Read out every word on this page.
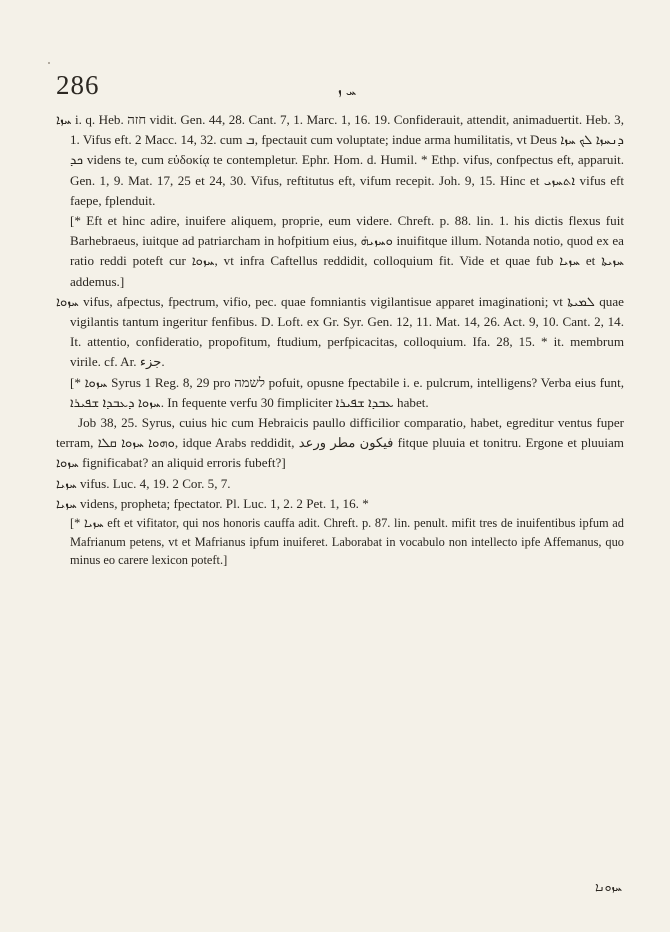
286	ܚ ܙ

ܚܙܐ i. q. Heb. חזה vidit. Gen. 44, 28. Cant. 7, 1. Marc. 1, 16. 19. Confiderauit, attendit, animaduertit. Heb. 3, 1. Vifus eft. 2 Macc. 14, 32. cum ܒ, fpectauit cum voluptate; indue arma humilitatis, vt Deus ܕܢܚܙܐ ܠܟ ܚܙܐ ܟܕ videns te, cum εὐδοκίᾳ te contempletur. Ephr. Hom. d. Humil. * Ethp. vifus, confpectus eft, apparuit. Gen. 1, 9. Mat. 17, 25 et 24, 30. Vifus, reftitutus eft, vifum recepit. Joh. 9, 15. Hinc et ܐܬܚܙܝ vifus eft faepe, fplenduit.

[* Eft et hinc adire, inuifere aliquem, proprie, eum videre. Chreft. p. 88. lin. 1. his dictis flexus fuit Barhebraeus, iuitque ad patriarcham in hofpitium eius, ܘܚܙܝܗ̇ inuifitque illum. Notanda notio, quod ex ea ratio reddi poteft cur ܚܙܘܐ, vt infra Caftellus reddidit, colloquium fit. Vide et quae fub ܚܙܝܐ et ܚܙܝܬܐ addemus.]

ܚܙܘܐ vifus, afpectus, fpectrum, vifio, pec. quae fomniantis vigilantisue apparet imaginationi; vt ܠܡܝܬܐ quae vigilantis tantum ingeritur fenfibus. D. Loft. ex Gr. Syr. Gen. 12, 11. Mat. 14, 26. Act. 9, 10. Cant. 2, 14. It. attentio, confideratio, propofitum, ftudium, perfpicacitas, colloquium. Ifa. 28, 15. * it. membrum virile. cf. Ar. جزء.

[* ܚܙܘܐ Syrus 1 Reg. 8, 29 pro לשמה pofuit, opusne fpectabile i. e. pulcrum, intelligens? Verba eius funt, ܚܙܘܐ ܕܥܒܕܐ ܫܦܝܪܐ. In fequente verfu 30 fimpliciter ܥܒܕܐ ܫܦܝܪܐ habet.

Job 38, 25. Syrus, cuius hic cum Hebraicis paullo difficilior comparatio, habet, egreditur ventus fuper terram, ܘܗܘܐ ܚܙܘܐ ܩܠܐ, idque Arabs reddidit, فيكون مطر ورعد fitque pluuia et tonitru. Ergone et pluuiam ܚܙܘܐ fignificabat? an aliquid erroris fubeft?]

ܚܙܝܐ vifus. Luc. 4, 19. 2 Cor. 5, 7.

ܚܙܝܐ videns, propheta; fpectator. Pl. Luc. 1, 2. 2 Pet. 1, 16. *

[* ܚܙܝܐ eft et vifitator, qui nos honoris cauffa adit. Chreft. p. 87. lin. penult. mifit tres de inuifentibus ipfum ad Mafrianum petens, vt et Mafrianus ipfum inuiferet. Laborabat in vocabulo non intellecto ipfe Affemanus, quo minus eo carere lexicon poteft.]

ܚܙܘܢܐ
